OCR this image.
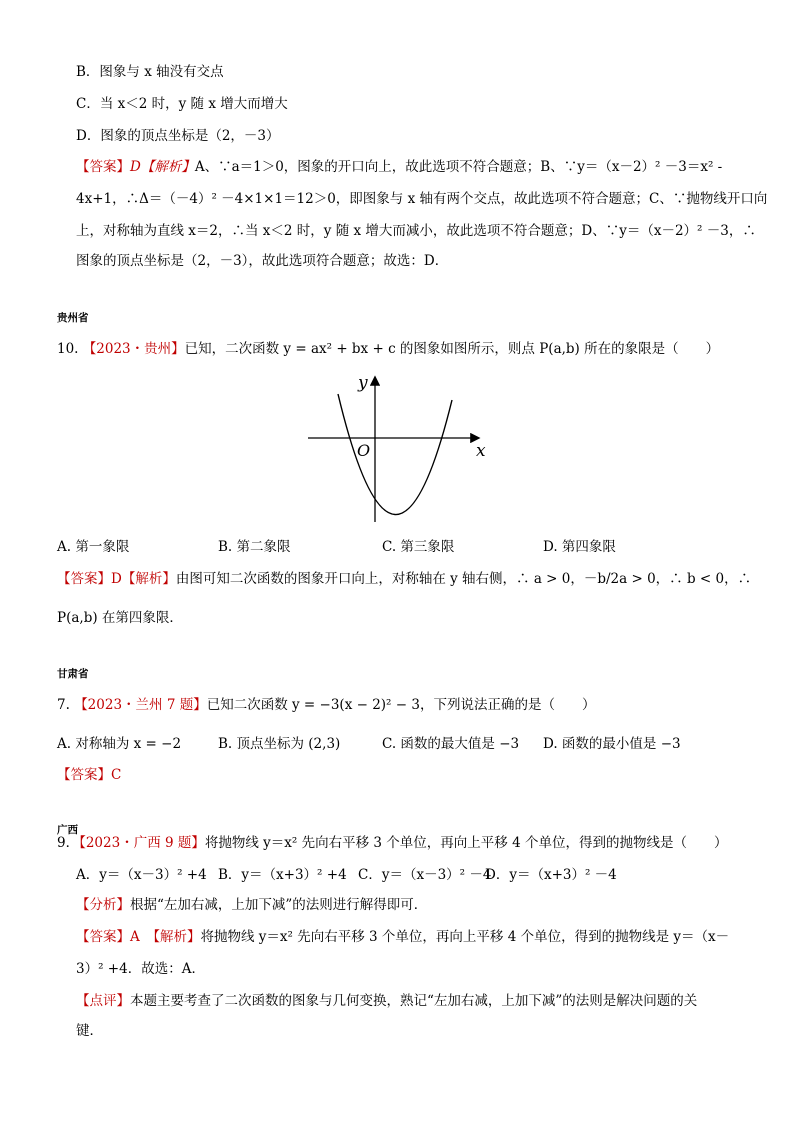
B．图象与 x 轴没有交点
C．当 x＜2 时，y 随 x 增大而增大
D．图象的顶点坐标是（2，－3）
【答案】D【解析】A、∵a＝1＞0，图象的开口向上，故此选项不符合题意；B、∵y＝（x－2）² －3＝x² -
4x+1，∴Δ＝（－4）² －4×1×1＝12＞0，即图象与 x 轴有两个交点，故此选项不符合题意；C、∵抛物线开口向
上，对称轴为直线 x＝2，∴当 x＜2 时，y 随 x 增大而减小，故此选项不符合题意；D、∵y＝（x－2）² －3，∴
图象的顶点坐标是（2，－3），故此选项符合题意；故选：D．
贵州省
10. 【2023・贵州】已知，二次函数 y = ax² + bx + c 的图象如图所示，则点 P(a,b) 所在的象限是（　　）
y
x
O
A. 第一象限	B. 第二象限	C. 第三象限	D. 第四象限
【答案】D【解析】由图可知二次函数的图象开口向上，对称轴在 y 轴右侧，∴ a > 0，－b/2a > 0，∴ b < 0，∴
P(a,b) 在第四象限．
甘肃省
7. 【2023・兰州 7 题】已知二次函数 y = −3(x − 2)² − 3，下列说法正确的是（　　）
A. 对称轴为 x = −2	B. 顶点坐标为 (2,3)	C. 函数的最大值是 −3 D. 函数的最小值是 −3
【答案】C
广西
9．【2023・广西 9 题】将抛物线 y＝x² 先向右平移 3 个单位，再向上平移 4 个单位，得到的抛物线是（　　）
A．y＝（x－3）² +4 B．y＝（x+3）² +4 C．y＝（x－3）² －4
D．y＝（x+3）² －4
【分析】根据“左加右减，上加下减”的法则进行解得即可．
【答案】A　【解析】将抛物线 y＝x² 先向右平移 3 个单位，再向上平移 4 个单位，得到的抛物线是 y＝（x－
3）² +4．故选：A．
【点评】本题主要考查了二次函数的图象与几何变换，熟记“左加右减，上加下减”的法则是解决问题的关
键．
